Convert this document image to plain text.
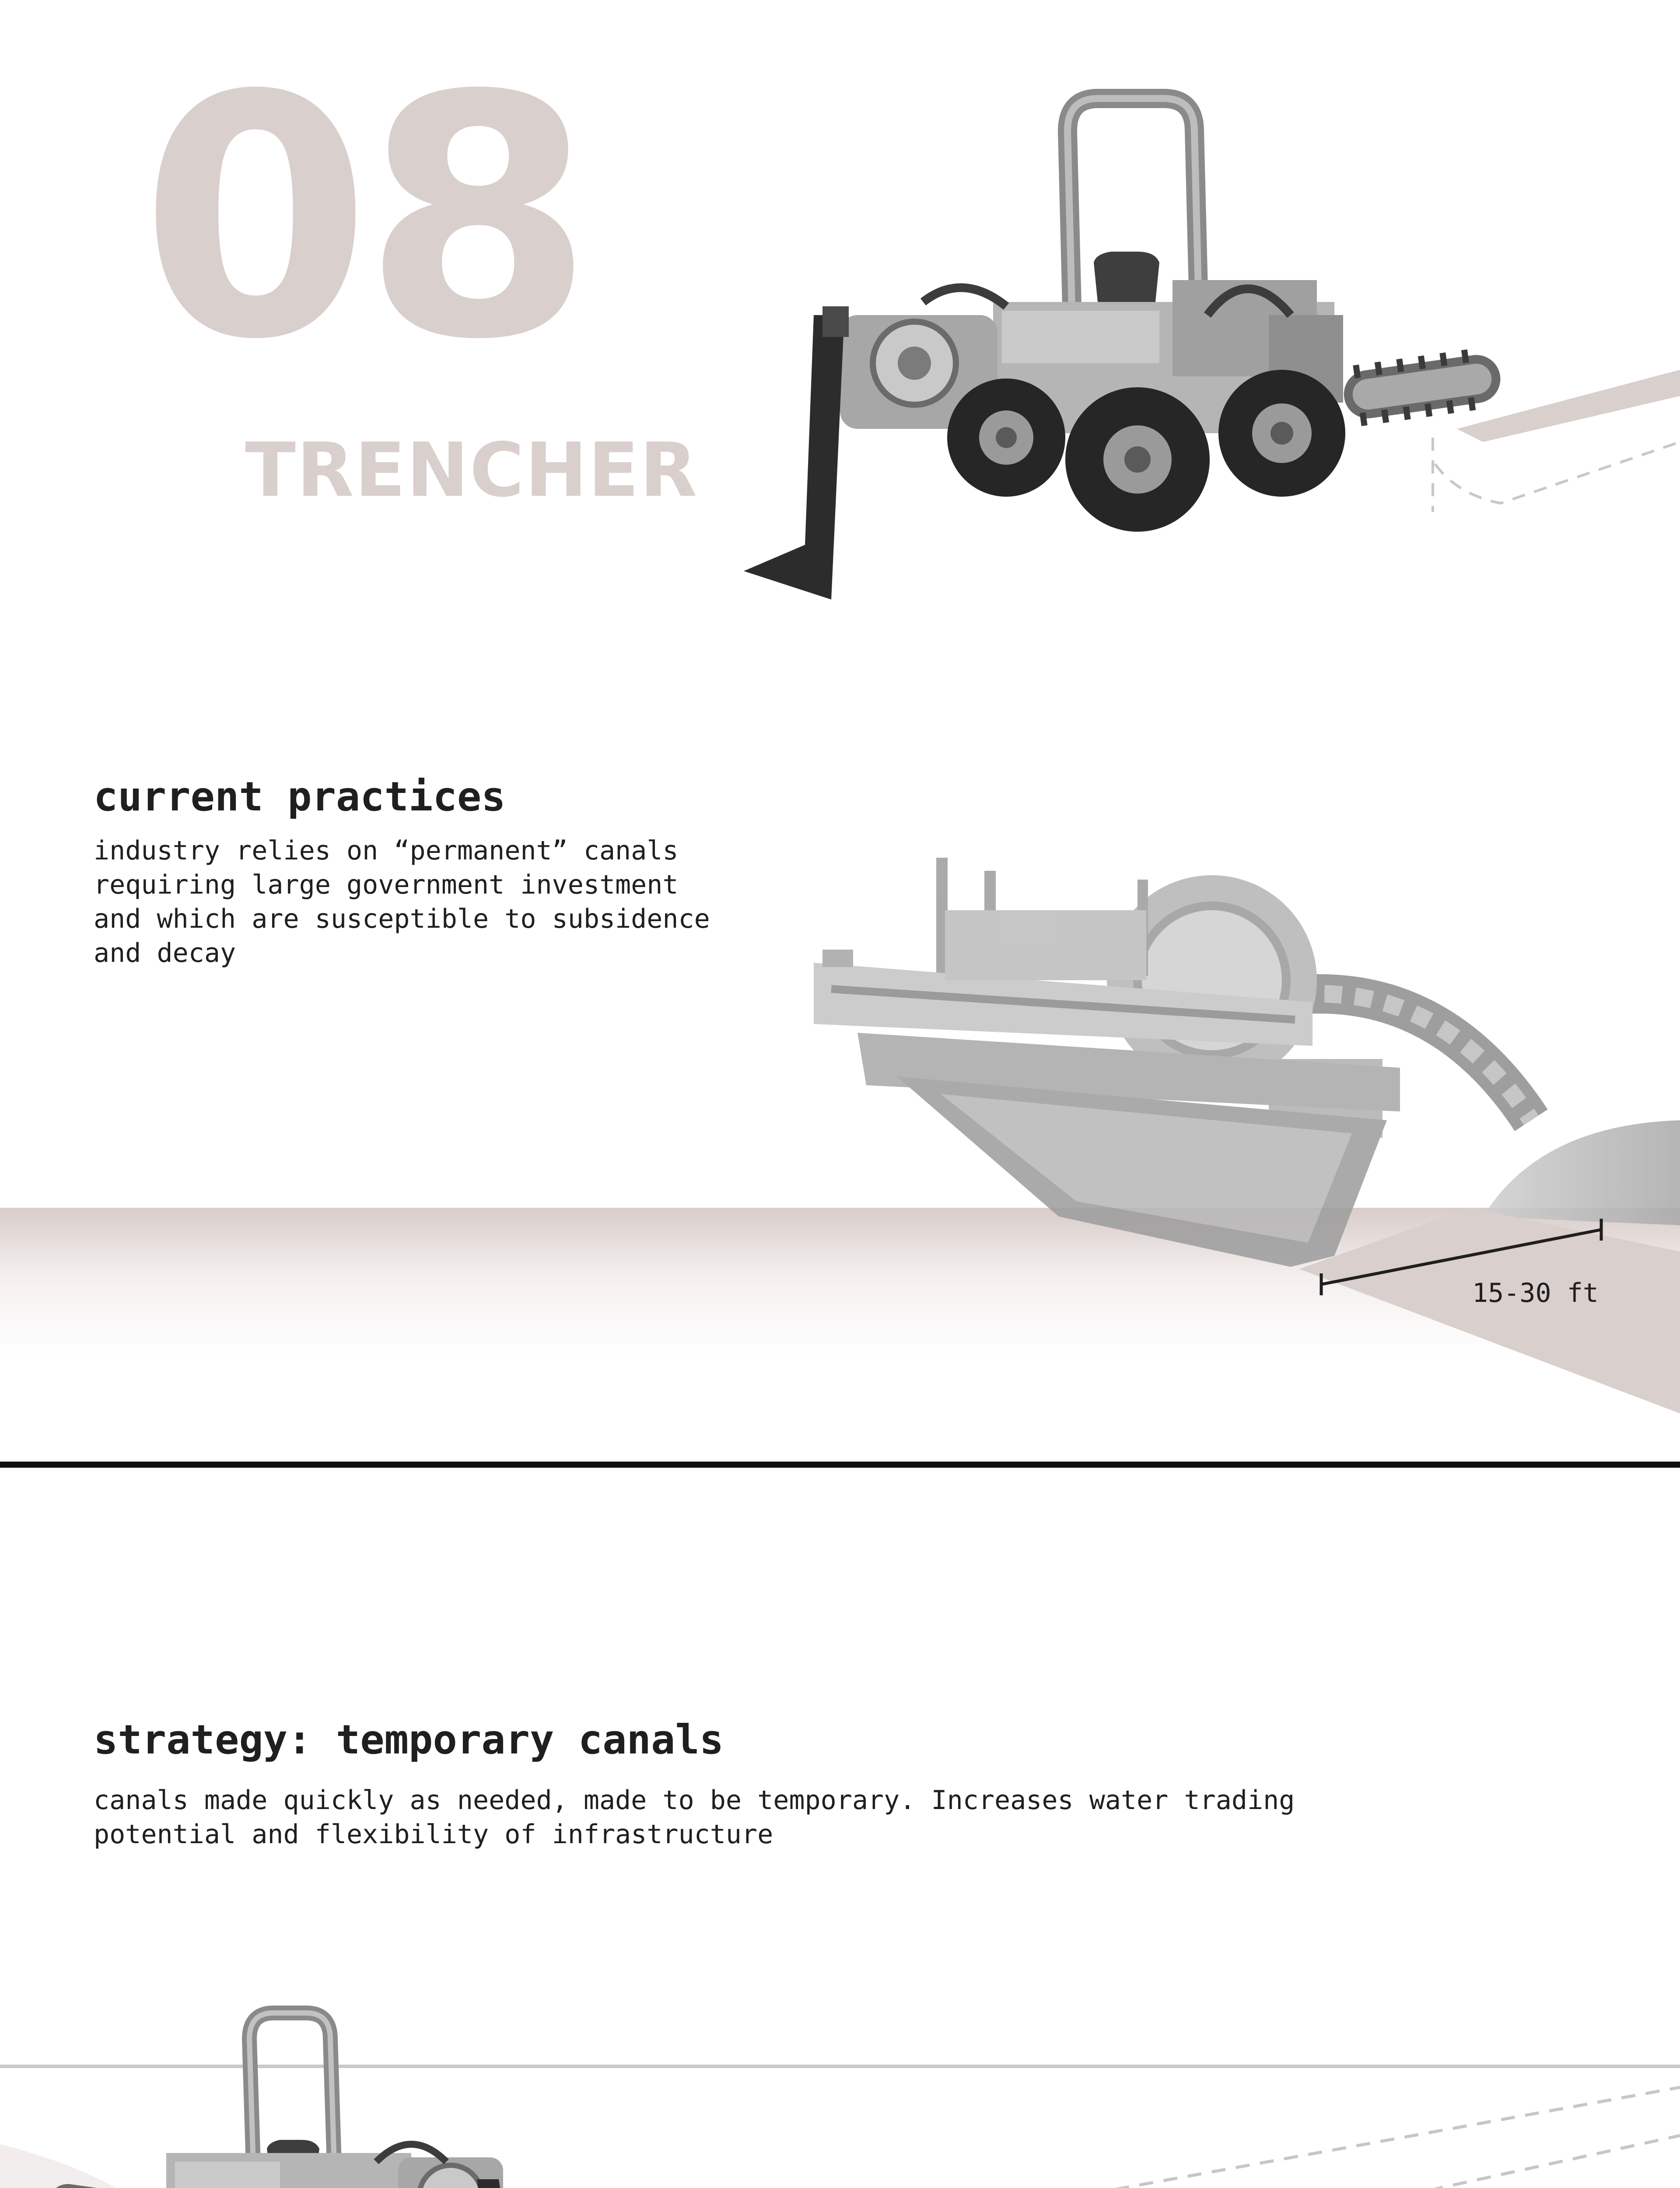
08
TRENCHER
current practices

industry relies on “permanent” canals
requiring large government investment
and which are susceptible to subsidence
and decay

15-30 ft

strategy: temporary canals

canals made quickly as needed, made to be temporary. Increases water trading
potential and flexibility of infrastructure
